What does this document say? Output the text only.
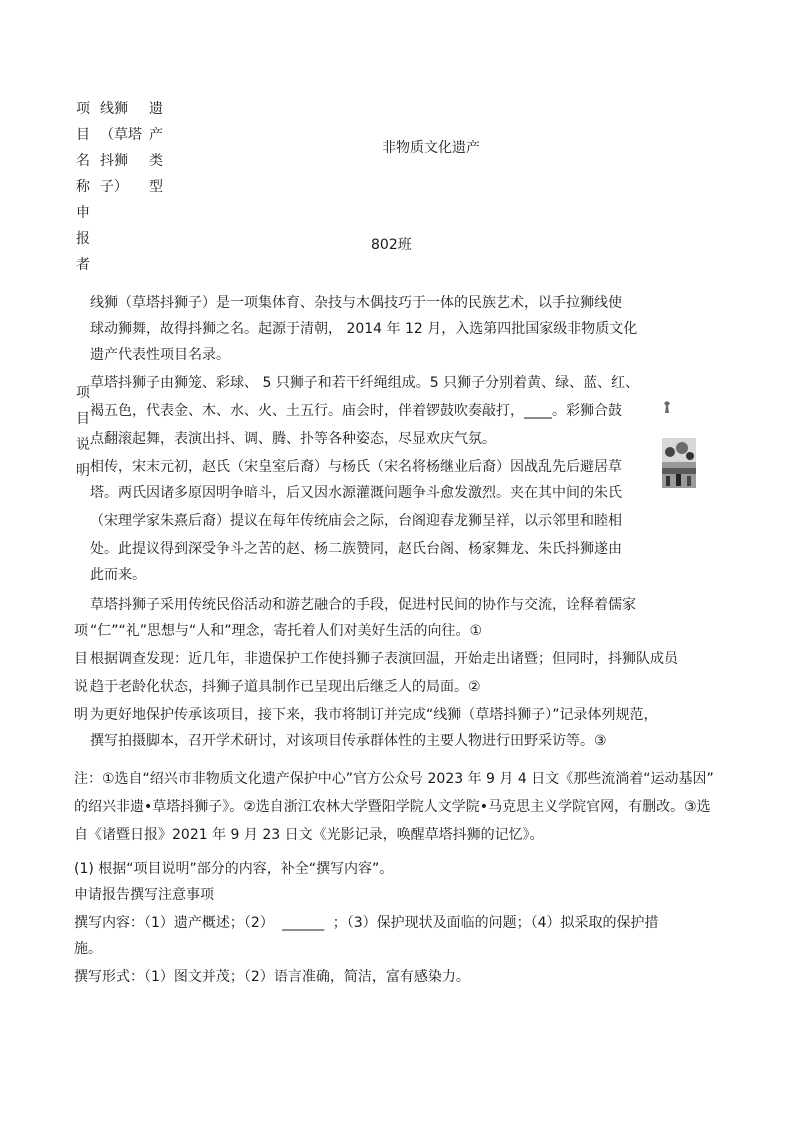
项
目
名
称
线狮
（草塔
抖狮
子）
遗
产
类
型
非物质文化遗产
申
报
者
802班
项
目
说
明
线狮（草塔抖狮子）是一项集体育、杂技与木偶技巧于一体的民族艺术，以手拉狮线使
球动狮舞，故得抖狮之名。起源于清朝， 2014 年 12 月，入选第四批国家级非物质文化
遗产代表性项目名录。
草塔抖狮子由狮笼、彩球、 5 只狮子和若干纤绳组成。5 只狮子分别着黄、绿、蓝、红、
褐五色，代表金、木、水、火、土五行。庙会时，伴着锣鼓吹奏敲打，____。彩狮合鼓
点翻滚起舞，表演出抖、调、腾、扑等各种姿态，尽显欢庆气氛。
相传，宋末元初，赵氏（宋皇室后裔）与杨氏（宋名将杨继业后裔）因战乱先后避居草
塔。两氏因诸多原因明争暗斗，后又因水源灌溉问题争斗愈发激烈。夹在其中间的朱氏
（宋理学家朱熹后裔）提议在每年传统庙会之际，台阁迎春龙狮呈祥，以示邻里和睦相
处。此提议得到深受争斗之苦的赵、杨二族赞同，赵氏台阁、杨家舞龙、朱氏抖狮遂由
此而来。
草塔抖狮子采用传统民俗活动和游艺融合的手段，促进村民间的协作与交流，诠释着儒家
项 “仁”“礼”思想与“人和”理念，寄托着人们对美好生活的向往。①
目 根据调查发现：近几年，非遗保护工作使抖狮子表演回温，开始走出诸暨；但同时，抖狮队成员
说 趋于老龄化状态，抖狮子道具制作已呈现出后继乏人的局面。②
明 为更好地保护传承该项目，接下来，我市将制订并完成“线狮（草塔抖狮子）”记录体列规范，
撰写拍摄脚本，召开学术研讨，对该项目传承群体性的主要人物进行田野采访等。③
注：①选自“绍兴市非物质文化遗产保护中心”官方公众号 2023 年 9 月 4 日文《那些流淌着“运动基因”
的绍兴非遗•草塔抖狮子》。②选自浙江农林大学暨阳学院人文学院•马克思主义学院官网，有删改。③选
自《诸暨日报》2021 年 9 月 23 日文《光影记录，唤醒草塔抖狮的记忆》。
(1) 根据“项目说明”部分的内容，补全“撰写内容”。
申请报告撰写注意事项
撰写内容：（1）遗产概述；（2） ______ ；（3）保护现状及面临的问题；（4）拟采取的保护措
施。
撰写形式：（1）图文并茂；（2）语言准确，简洁，富有感染力。
